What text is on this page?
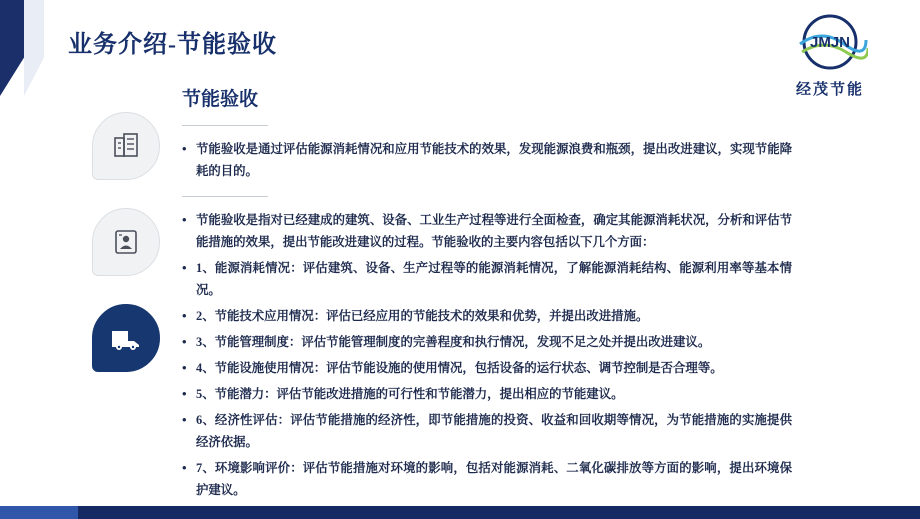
业务介绍-节能验收	JMJN
经茂节能
节能验收
• 节能验收是通过评估能源消耗情况和应用节能技术的效果，发现能源浪费和瓶颈，提出改进建议，实现节能降耗的目的。
• 节能验收是指对已经建成的建筑、设备、工业生产过程等进行全面检查，确定其能源消耗状况，分析和评估节能措施的效果，提出节能改进建议的过程。节能验收的主要内容包括以下几个方面：
• 1、能源消耗情况：评估建筑、设备、生产过程等的能源消耗情况，了解能源消耗结构、能源利用率等基本情况。
• 2、节能技术应用情况：评估已经应用的节能技术的效果和优势，并提出改进措施。
• 3、节能管理制度：评估节能管理制度的完善程度和执行情况，发现不足之处并提出改进建议。
• 4、节能设施使用情况：评估节能设施的使用情况，包括设备的运行状态、调节控制是否合理等。
• 5、节能潜力：评估节能改进措施的可行性和节能潜力，提出相应的节能建议。
• 6、经济性评估：评估节能措施的经济性，即节能措施的投资、收益和回收期等情况，为节能措施的实施提供经济依据。
• 7、环境影响评价：评估节能措施对环境的影响，包括对能源消耗、二氧化碳排放等方面的影响，提出环境保护建议。
